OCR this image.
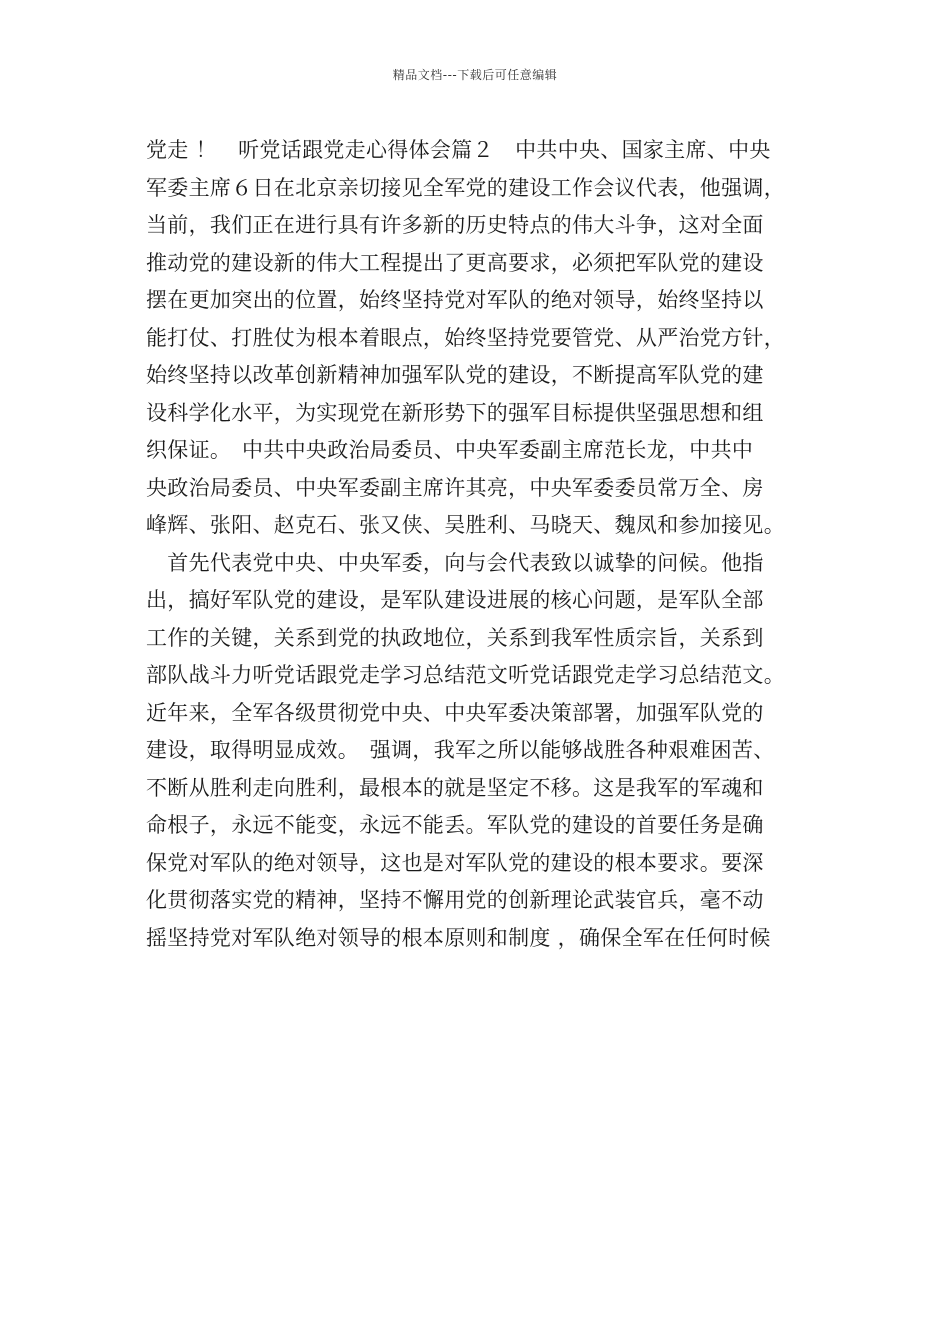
精品文档---下载后可任意编辑
党走 ！　听党话跟党走心得体会篇２　中共中央、国家主席、中央
军委主席６日在北京亲切接见全军党的建设工作会议代表，他强调，
当前，我们正在进行具有许多新的历史特点的伟大斗争，这对全面
推动党的建设新的伟大工程提出了更高要求，必须把军队党的建设
摆在更加突出的位置，始终坚持党对军队的绝对领导，始终坚持以
能打仗、打胜仗为根本着眼点，始终坚持党要管党、从严治党方针，
始终坚持以改革创新精神加强军队党的建设，不断提高军队党的建
设科学化水平，为实现党在新形势下的强军目标提供坚强思想和组
织保证。　中共中央政治局委员、中央军委副主席范长龙，中共中
央政治局委员、中央军委副主席许其亮，中央军委委员常万全、房
峰辉、张阳、赵克石、张又侠、吴胜利、马晓天、魏凤和参加接见。
　首先代表党中央、中央军委，向与会代表致以诚挚的问候。他指
出，搞好军队党的建设，是军队建设进展的核心问题，是军队全部
工作的关键，关系到党的执政地位，关系到我军性质宗旨，关系到
部队战斗力听党话跟党走学习总结范文听党话跟党走学习总结范文。
近年来，全军各级贯彻党中央、中央军委决策部署，加强军队党的
建设，取得明显成效。　强调，我军之所以能够战胜各种艰难困苦、
不断从胜利走向胜利，最根本的就是坚定不移。这是我军的军魂和
命根子，永远不能变，永远不能丢。军队党的建设的首要任务是确
保党对军队的绝对领导，这也是对军队党的建设的根本要求。要深
化贯彻落实党的精神，坚持不懈用党的创新理论武装官兵，毫不动
摇坚持党对军队绝对领导的根本原则和制度 ，确保全军在任何时候
